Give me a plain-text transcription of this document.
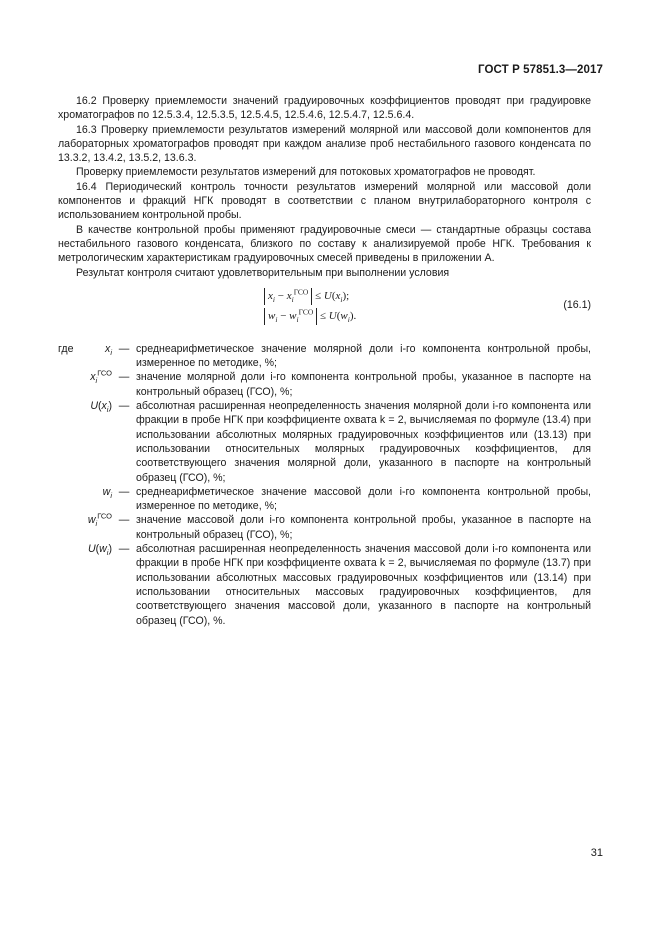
ГОСТ Р 57851.3—2017

16.2 Проверку приемлемости значений градуировочных коэффициентов проводят при градуировке хроматографов по 12.5.3.4, 12.5.3.5, 12.5.4.5, 12.5.4.6, 12.5.4.7, 12.5.6.4.

16.3 Проверку приемлемости результатов измерений молярной или массовой доли компонентов для лабораторных хроматографов проводят при каждом анализе проб нестабильного газового конденсата по 13.3.2, 13.4.2, 13.5.2, 13.6.3.

Проверку приемлемости результатов измерений для потоковых хроматографов не проводят.

16.4 Периодический контроль точности результатов измерений молярной или массовой доли компонентов и фракций НГК проводят в соответствии с планом внутрилабораторного контроля с использованием контрольной пробы.

В качестве контрольной пробы применяют градуировочные смеси — стандартные образцы состава нестабильного газового конденсата, близкого по составу к анализируемой пробе НГК. Требования к метрологическим характеристикам градуировочных смесей приведены в приложении А.

Результат контроля считают удовлетворительным при выполнении условия

$x_i - x_i^{ГСО} \le U(x_i)$;
$w_i - w_i^{ГСО} \le U(w_i)$.
(16.1)
где	$x_i$ — среднеарифметическое значение молярной доли i-го компонента контрольной пробы, измеренное по методике, %;
$x_i^{ГСО}$ — значение молярной доли i-го компонента контрольной пробы, указанное в паспорте на контрольный образец (ГСО), %;
$U(x_i)$ — абсолютная расширенная неопределенность значения молярной доли i-го компонента или фракции в пробе НГК при коэффициенте охвата k = 2, вычисляемая по формуле (13.4) при использовании абсолютных молярных градуировочных коэффициентов или (13.13) при использовании относительных молярных градуировочных коэффициентов, для соответствующего значения молярной доли, указанного в паспорте на контрольный образец (ГСО), %;
$w_i$ — среднеарифметическое значение массовой доли i-го компонента контрольной пробы, измеренное по методике, %;
$w_i^{ГСО}$ — значение массовой доли i-го компонента контрольной пробы, указанное в паспорте на контрольный образец (ГСО), %;
$U(w_i)$ — абсолютная расширенная неопределенность значения массовой доли i-го компонента или фракции в пробе НГК при коэффициенте охвата k = 2, вычисляемая по формуле (13.7) при использовании абсолютных массовых градуировочных коэффициентов или (13.14) при использовании относительных массовых градуировочных коэффициентов, для соответствующего значения массовой доли, указанного в паспорте на контрольный образец (ГСО), %.
31
